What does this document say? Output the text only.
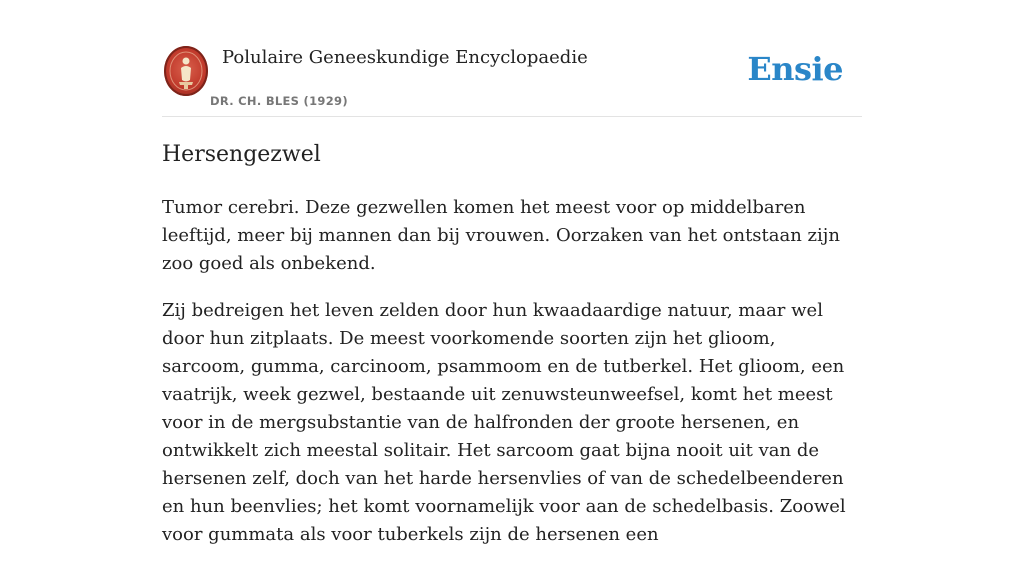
Polulaire Geneeskundige Encyclopaedie
DR. CH. BLES (1929)
Ensie
Hersengezwel

Tumor cerebri. Deze gezwellen komen het meest voor op middelbaren leeftijd, meer bij mannen dan bij vrouwen. Oorzaken van het ontstaan zijn zoo goed als onbekend.

Zij bedreigen het leven zelden door hun kwaadaardige natuur, maar wel door hun zitplaats. De meest voorkomende soorten zijn het glioom, sarcoom, gumma, carcinoom, psammoom en de tutberkel. Het glioom, een vaatrijk, week gezwel, bestaande uit zenuwsteunweefsel, komt het meest voor in de mergsubstantie van de halfronden der groote hersenen, en ontwikkelt zich meestal solitair. Het sarcoom gaat bijna nooit uit van de hersenen zelf, doch van het harde hersenvlies of van de schedelbeenderen en hun beenvlies; het komt voornamelijk voor aan de schedelbasis. Zoowel voor gummata als voor tuberkels zijn de hersenen een
